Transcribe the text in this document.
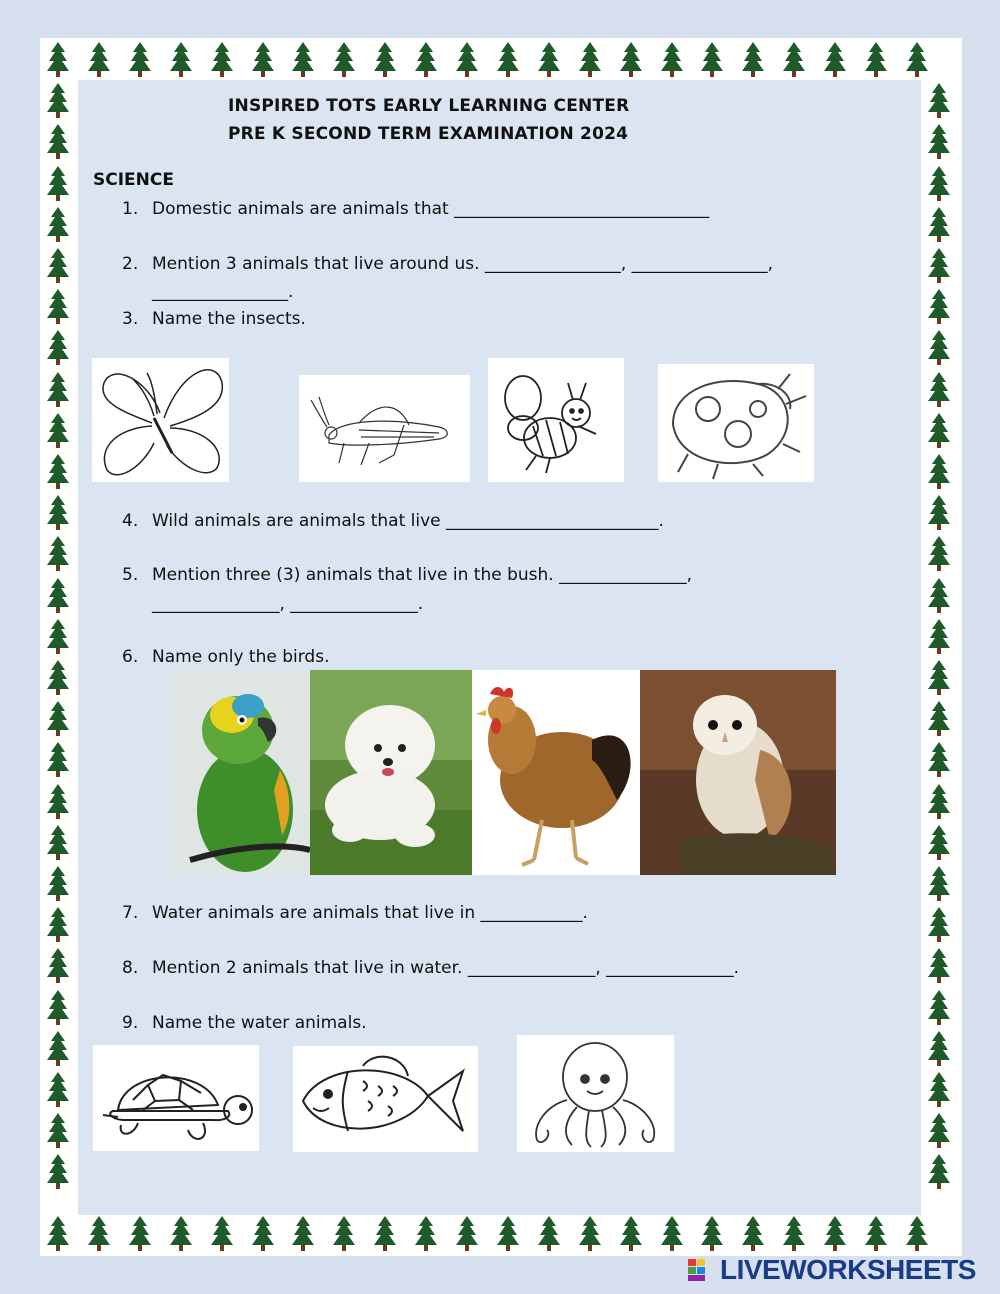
INSPIRED TOTS EARLY LEARNING CENTER
PRE K SECOND TERM EXAMINATION 2024
SCIENCE
1. Domestic animals are animals that ______________________________
2. Mention 3 animals that live around us. ________________, ________________,
________________.
3. Name the insects.
4. Wild animals are animals that live _________________________.
5. Mention three (3) animals that live in the bush. _______________,
_______________, _______________.
6. Name only the birds.
7. Water animals are animals that live in ____________.
8. Mention 2 animals that live in water. _______________, _______________.
9. Name the water animals.
LIVEWORKSHEETS
